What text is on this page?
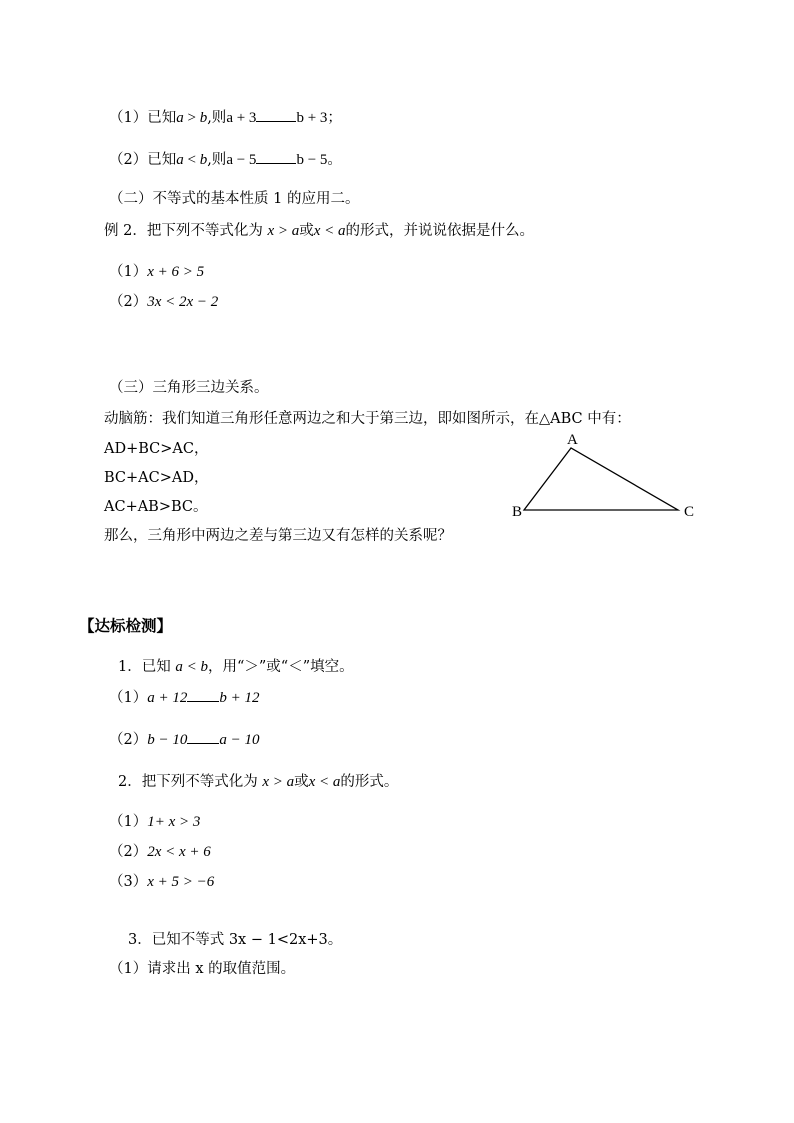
（1）已知a > b,则a + 3	b + 3；
（2）已知a < b,则a − 5	b − 5。
（二）不等式的基本性质 1 的应用二。
例 2．把下列不等式化为 x > a或x < a的形式，并说说依据是什么。
（1）x + 6 > 5
（2）3x < 2x − 2
（三）三角形三边关系。
动脑筋：我们知道三角形任意两边之和大于第三边，即如图所示，在△ABC 中有：
AD+BC>AC，
BC+AC>AD，
AC+AB>BC。
那么，三角形中两边之差与第三边又有怎样的关系呢？
A
B	C
【达标检测】
1．已知 a < b，用“＞”或“＜”填空。
（1）a + 12 b + 12
（2）b − 10 a − 10
2．把下列不等式化为 x > a或x < a的形式。
（1）1+ x > 3
（2）2x < x + 6
（3）x + 5 > −6
3．已知不等式 3x − 1<2x+3。
（1）请求出 x 的取值范围。
